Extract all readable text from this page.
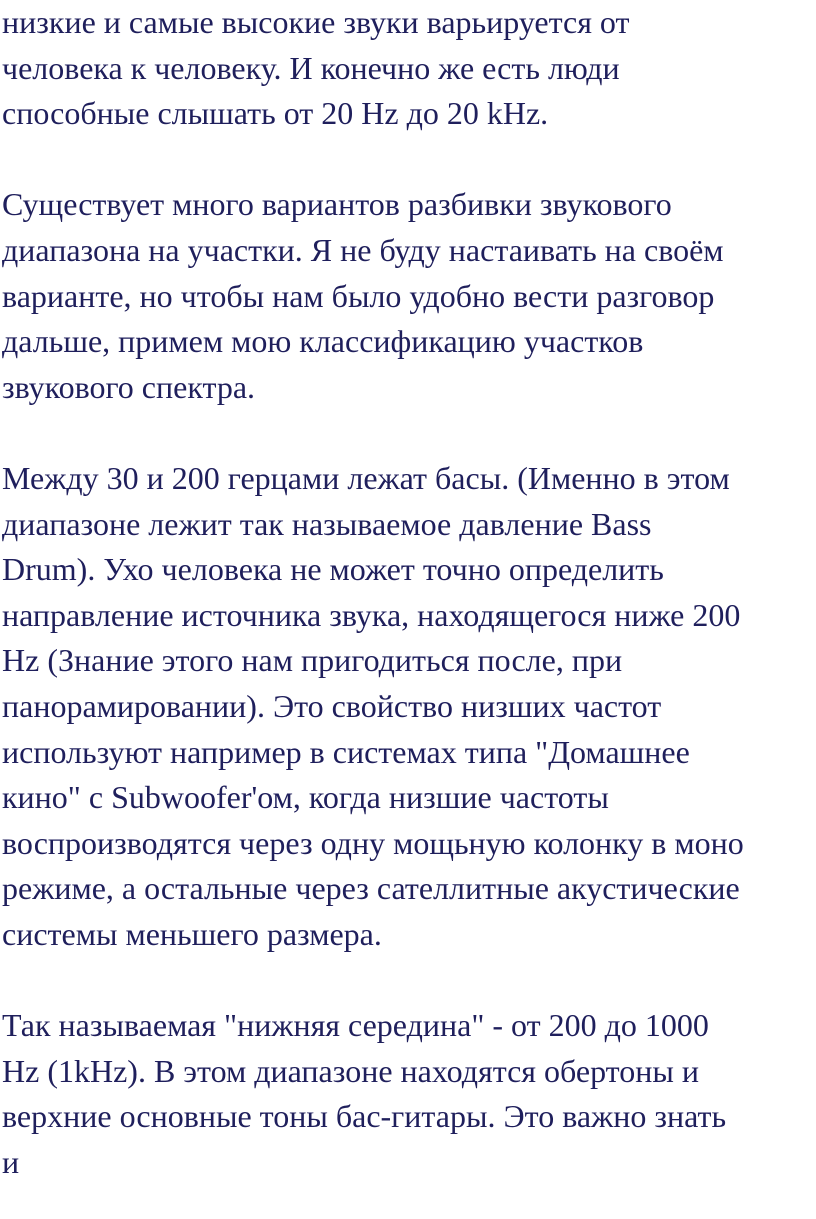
низкие и самые высокие звуки варьируется от
человека к человеку. И конечно же есть люди
способные слышать от 20 Hz до 20 kHz.
Существует много вариантов разбивки звукового
диапазона на участки. Я не буду настаивать на своём
варианте, но чтобы нам было удобно вести разговор
дальше, примем мою классификацию участков
звукового спектра.
Между 30 и 200 герцами лежат басы. (Именно в этом
диапазоне лежит так называемое давление Bass
Drum). Ухо человека не может точно определить
направление источника звука, находящегося ниже 200
Hz (Знание этого нам пригодиться после, при
панорамировании). Это свойство низших частот
используют например в системах типа "Домашнее
кино" с Subwoofer'ом, когда низшие частоты
воспроизводятся через одну мощьную колонку в моно
режиме, а остальные через сателлитные акустические
системы меньшего размера.
Так называемая "нижняя середина" - от 200 до 1000
Hz (1kHz). В этом диапазоне находятся обертоны и
верхние основные тоны бас-гитары. Это важно знать
и
